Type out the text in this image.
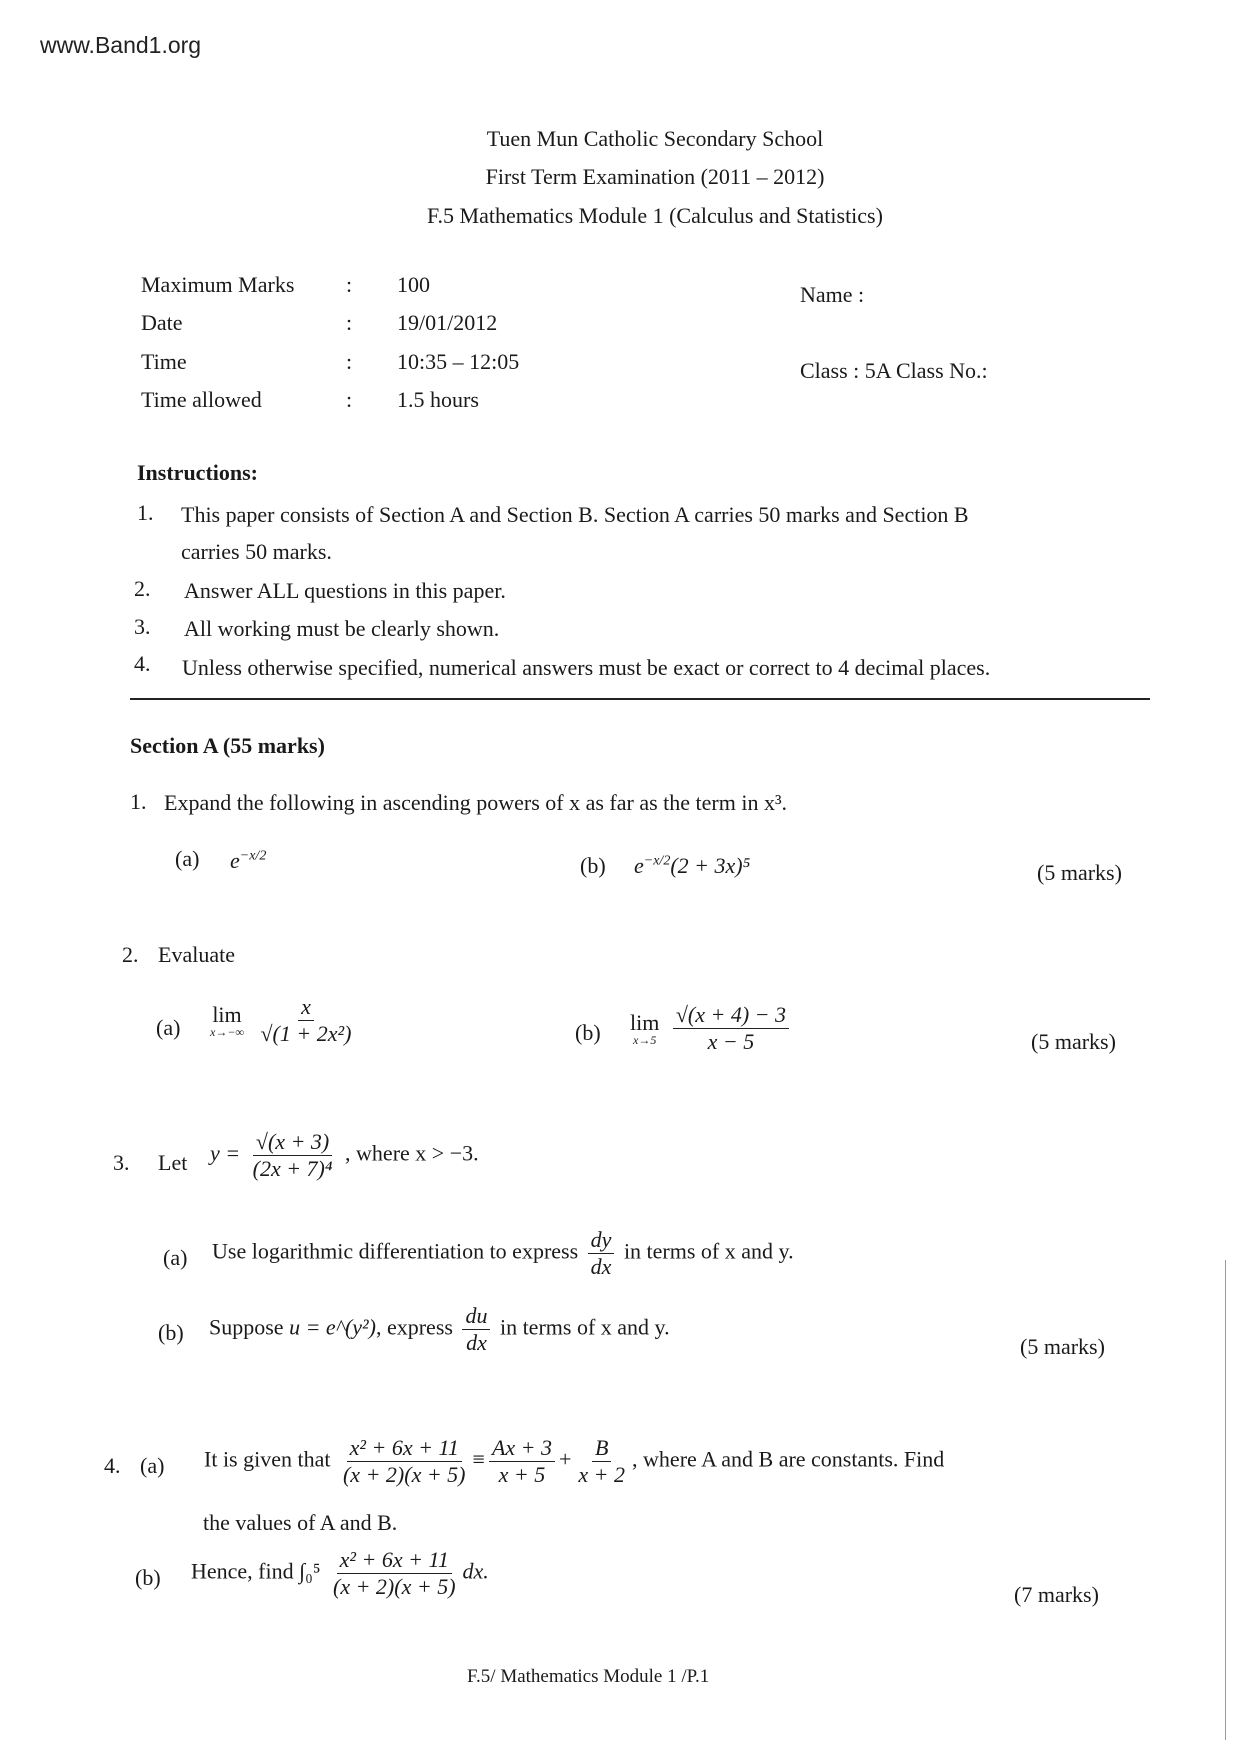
www.Band1.org
Tuen Mun Catholic Secondary School
First Term Examination (2011 – 2012)
F.5 Mathematics Module 1 (Calculus and Statistics)
Maximum Marks : 100
Date	: 19/01/2012
Time	: 10:35 – 12:05
Time allowed	: 1.5 hours
Name :
Class : 5A Class No.:
Instructions:
1. This paper consists of Section A and Section B. Section A carries 50 marks and Section B
carries 50 marks.
2. Answer ALL questions in this paper.
3. All working must be clearly shown.
4. Unless otherwise specified, numerical answers must be exact or correct to 4 decimal places.
Section A (55 marks)
1. Expand the following in ascending powers of x as far as the term in x³.
(a) $e^{-x/2}$	(b) $e^{-x/2}(2 + 3x)^5$	(5 marks)
2. Evaluate
(a)
lim
x→−∞
$\frac{x}{\text{√(1 + 2x²)}}$	(b) lim
x→5
$\frac{√(x + 4) - 3}{x - 5}$	(5 marks)
3. Let $y = \frac{√(x + 3)}{\text{(2x + 7)⁴}}$ , where x > −3.
(a) Use logarithmic differentiation to express $\frac{dy}{dx}$ in terms of x and y.
(b) Suppose u = e^(y²), express $\frac{du}{dx}$ in terms of x and y.
(5 marks)
4. (a) It is given that $\frac{\text{x² + 6x + 11}}{(x + 2)(x + 5)} \equiv \frac{Ax + 3}{x + 5} + \frac{B}{x + 2}$ , where A and B are constants. Find
the values of A and B.
(b) Hence, find $\int_0^5 \frac{\text{x² + 6x + 11}}{(x + 2)(x + 5)}$ dx.
(7 marks)
F.5/ Mathematics Module 1 /P.1
